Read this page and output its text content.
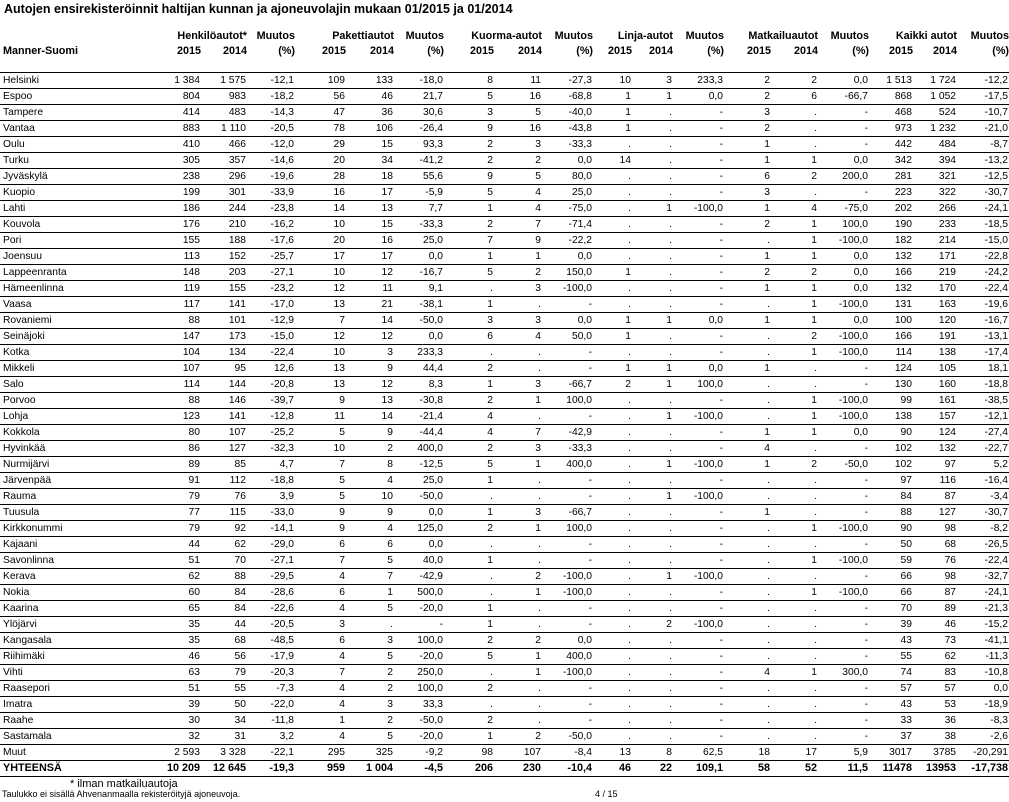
Autojen ensirekisteröinnit haltijan kunnan ja ajoneuvolajin mukaan 01/2015 ja 01/2014
	Henkilöautot*		Muutos	Pakettiautot		Muutos	Kuorma-autot		Muutos	Linja-autot		Muutos	Matkailuautot		Muutos	Kaikki autot		Muutos
Manner-Suomi	2015	2014	(%)	2015	2014	(%)	2015	2014	(%)	2015	2014	(%)	2015	2014	(%)	2015	2014	(%)

Helsinki	1 384	1 575	-12,1	109	133	-18,0	8	11	-27,3	10	3	233,3	2	2	0,0	1 513	1 724	-12,2
Espoo	804	983	-18,2	56	46	21,7	5	16	-68,8	1	1	0,0	2	6	-66,7	868	1 052	-17,5
Tampere	414	483	-14,3	47	36	30,6	3	5	-40,0	1	.	-	3	.	-	468	524	-10,7
Vantaa	883	1 110	-20,5	78	106	-26,4	9	16	-43,8	1	.	-	2	.	-	973	1 232	-21,0
Oulu	410	466	-12,0	29	15	93,3	2	3	-33,3	.	.	-	1	.	-	442	484	-8,7
Turku	305	357	-14,6	20	34	-41,2	2	2	0,0	14	.	-	1	1	0,0	342	394	-13,2
Jyväskylä	238	296	-19,6	28	18	55,6	9	5	80,0	.	.	-	6	2	200,0	281	321	-12,5
Kuopio	199	301	-33,9	16	17	-5,9	5	4	25,0	.	.	-	3	.	-	223	322	-30,7
Lahti	186	244	-23,8	14	13	7,7	1	4	-75,0	.	1	-100,0	1	4	-75,0	202	266	-24,1
Kouvola	176	210	-16,2	10	15	-33,3	2	7	-71,4	.	.	-	2	1	100,0	190	233	-18,5
Pori	155	188	-17,6	20	16	25,0	7	9	-22,2	.	.	-	.	1	-100,0	182	214	-15,0
Joensuu	113	152	-25,7	17	17	0,0	1	1	0,0	.	.	-	1	1	0,0	132	171	-22,8
Lappeenranta	148	203	-27,1	10	12	-16,7	5	2	150,0	1	.	-	2	2	0,0	166	219	-24,2
Hämeenlinna	119	155	-23,2	12	11	9,1	.	3	-100,0	.	.	-	1	1	0,0	132	170	-22,4
Vaasa	117	141	-17,0	13	21	-38,1	1	.	-	.	.	-	.	1	-100,0	131	163	-19,6
Rovaniemi	88	101	-12,9	7	14	-50,0	3	3	0,0	1	1	0,0	1	1	0,0	100	120	-16,7
Seinäjoki	147	173	-15,0	12	12	0,0	6	4	50,0	1	.	-	.	2	-100,0	166	191	-13,1
Kotka	104	134	-22,4	10	3	233,3	.	.	-	.	.	-	.	1	-100,0	114	138	-17,4
Mikkeli	107	95	12,6	13	9	44,4	2	.	-	1	1	0,0	1	.	-	124	105	18,1
Salo	114	144	-20,8	13	12	8,3	1	3	-66,7	2	1	100,0	.	.	-	130	160	-18,8
Porvoo	88	146	-39,7	9	13	-30,8	2	1	100,0	.	.	-	.	1	-100,0	99	161	-38,5
Lohja	123	141	-12,8	11	14	-21,4	4	.	-	.	1	-100,0	.	1	-100,0	138	157	-12,1
Kokkola	80	107	-25,2	5	9	-44,4	4	7	-42,9	.	.	-	1	1	0,0	90	124	-27,4
Hyvinkää	86	127	-32,3	10	2	400,0	2	3	-33,3	.	.	-	4	.	-	102	132	-22,7
Nurmijärvi	89	85	4,7	7	8	-12,5	5	1	400,0	.	1	-100,0	1	2	-50,0	102	97	5,2
Järvenpää	91	112	-18,8	5	4	25,0	1	.	-	.	.	-	.	.	-	97	116	-16,4
Rauma	79	76	3,9	5	10	-50,0	.	.	-	.	1	-100,0	.	.	-	84	87	-3,4
Tuusula	77	115	-33,0	9	9	0,0	1	3	-66,7	.	.	-	1	.	-	88	127	-30,7
Kirkkonummi	79	92	-14,1	9	4	125,0	2	1	100,0	.	.	-	.	1	-100,0	90	98	-8,2
Kajaani	44	62	-29,0	6	6	0,0	.	.	-	.	.	-	.	.	-	50	68	-26,5
Savonlinna	51	70	-27,1	7	5	40,0	1	.	-	.	.	-	.	1	-100,0	59	76	-22,4
Kerava	62	88	-29,5	4	7	-42,9	.	2	-100,0	.	1	-100,0	.	.	-	66	98	-32,7
Nokia	60	84	-28,6	6	1	500,0	.	1	-100,0	.	.	-	.	1	-100,0	66	87	-24,1
Kaarina	65	84	-22,6	4	5	-20,0	1	.	-	.	.	-	.	.	-	70	89	-21,3
Ylöjärvi	35	44	-20,5	3	.	-	1	.	-	.	2	-100,0	.	.	-	39	46	-15,2
Kangasala	35	68	-48,5	6	3	100,0	2	2	0,0	.	.	-	.	.	-	43	73	-41,1
Riihimäki	46	56	-17,9	4	5	-20,0	5	1	400,0	.	.	-	.	.	-	55	62	-11,3
Vihti	63	79	-20,3	7	2	250,0	.	1	-100,0	.	.	-	4	1	300,0	74	83	-10,8
Raasepori	51	55	-7,3	4	2	100,0	2	.	-	.	.	-	.	.	-	57	57	0,0
Imatra	39	50	-22,0	4	3	33,3	.	.	-	.	.	-	.	.	-	43	53	-18,9
Raahe	30	34	-11,8	1	2	-50,0	2	.	-	.	.	-	.	.	-	33	36	-8,3
Sastamala	32	31	3,2	4	5	-20,0	1	2	-50,0	.	.	-	.	.	-	37	38	-2,6
Muut	2 593	3 328	-22,1	295	325	-9,2	98	107	-8,4	13	8	62,5	18	17	5,9	3017	3785	-20,291
YHTEENSÄ	10 209	12 645	-19,3	959	1 004	-4,5	206	230	-10,4	46	22	109,1	58	52	11,5	11478	13953	-17,738
* ilman matkailuautoja
Taulukko ei sisällä Ahvenanmaalla rekisteröityjä ajoneuvoja.	4 / 15
